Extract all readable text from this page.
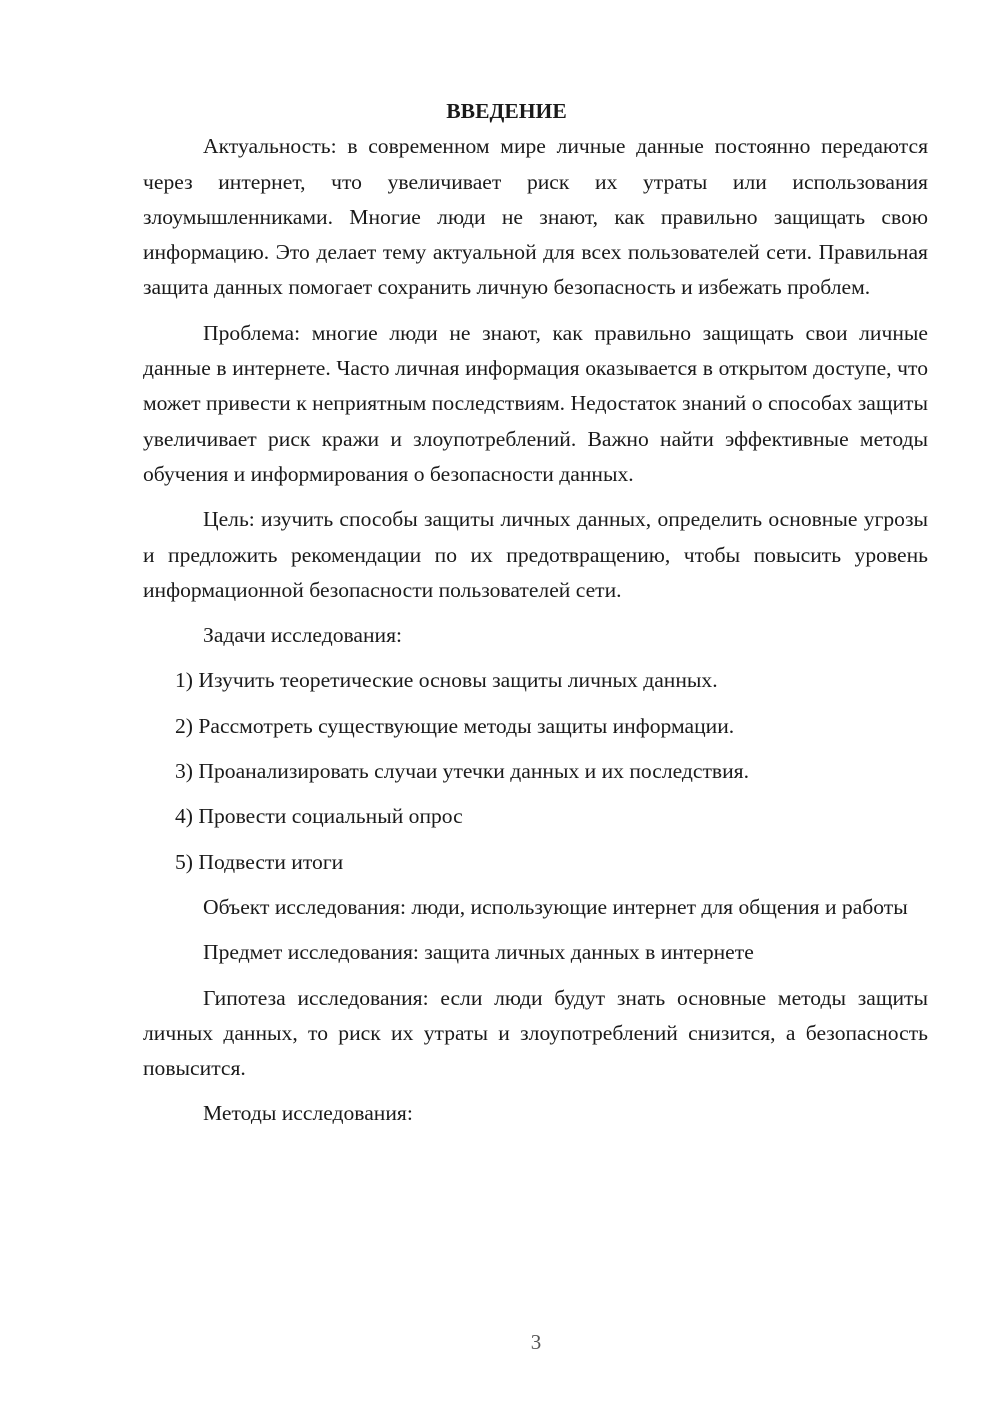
ВВЕДЕНИЕ

Актуальность: в современном мире личные данные постоянно передаются через интернет, что увеличивает риск их утраты или использования злоумышленниками. Многие люди не знают, как правильно защищать свою информацию. Это делает тему актуальной для всех пользователей сети. Правильная защита данных помогает сохранить личную безопасность и избежать проблем.

Проблема: многие люди не знают, как правильно защищать свои личные данные в интернете. Часто личная информация оказывается в открытом доступе, что может привести к неприятным последствиям. Недостаток знаний о способах защиты увеличивает риск кражи и злоупотреблений. Важно найти эффективные методы обучения и информирования о безопасности данных.

Цель: изучить способы защиты личных данных, определить основные угрозы и предложить рекомендации по их предотвращению, чтобы повысить уровень информационной безопасности пользователей сети.

Задачи исследования:

1) Изучить теоретические основы защиты личных данных.

2) Рассмотреть существующие методы защиты информации.

3) Проанализировать случаи утечки данных и их последствия.

4) Провести социальный опрос

5) Подвести итоги

Объект исследования: люди, использующие интернет для общения и работы

Предмет исследования: защита личных данных в интернете

Гипотеза исследования: если люди будут знать основные методы защиты личных данных, то риск их утраты и злоупотреблений снизится, а безопасность повысится.

Методы исследования:

3
